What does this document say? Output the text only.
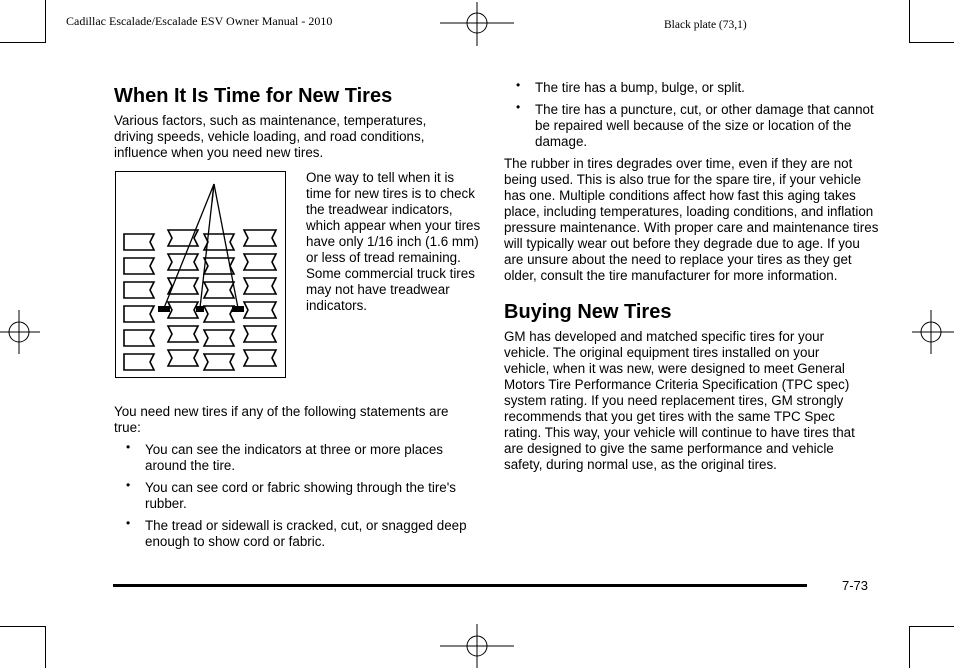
Cadillac Escalade/Escalade ESV Owner Manual - 2010	Black plate (73,1)
When It Is Time for New Tires

Various factors, such as maintenance, temperatures, driving speeds, vehicle loading, and road conditions, influence when you need new tires.

One way to tell when it is time for new tires is to check the treadwear indicators, which appear when your tires have only 1/16 inch (1.6 mm) or less of tread remaining. Some commercial truck tires may not have treadwear indicators.

You need new tires if any of the following statements are true:

• You can see the indicators at three or more places around the tire.
• You can see cord or fabric showing through the tire's rubber.
• The tread or sidewall is cracked, cut, or snagged deep enough to show cord or fabric.
• The tire has a bump, bulge, or split.
• The tire has a puncture, cut, or other damage that cannot be repaired well because of the size or location of the damage.

The rubber in tires degrades over time, even if they are not being used. This is also true for the spare tire, if your vehicle has one. Multiple conditions affect how fast this aging takes place, including temperatures, loading conditions, and inflation pressure maintenance. With proper care and maintenance tires will typically wear out before they degrade due to age. If you are unsure about the need to replace your tires as they get older, consult the tire manufacturer for more information.

Buying New Tires

GM has developed and matched specific tires for your vehicle. The original equipment tires installed on your vehicle, when it was new, were designed to meet General Motors Tire Performance Criteria Specification (TPC spec) system rating. If you need replacement tires, GM strongly recommends that you get tires with the same TPC Spec rating. This way, your vehicle will continue to have tires that are designed to give the same performance and vehicle safety, during normal use, as the original tires.

7-73
